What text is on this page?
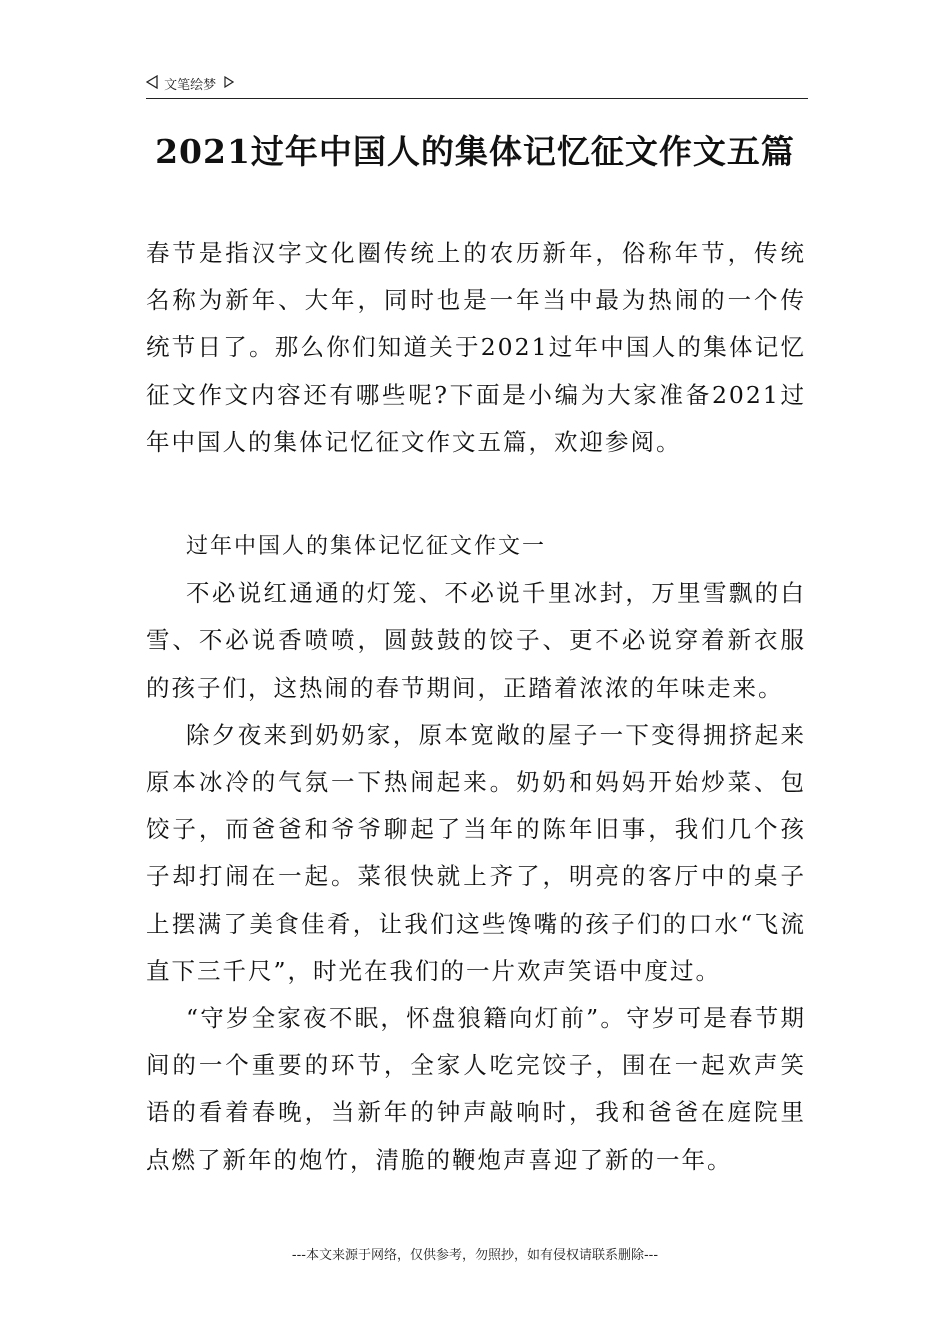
文笔绘梦
2021过年中国人的集体记忆征文作文五篇

春节是指汉字文化圈传统上的农历新年，俗称年节，传统名称为新年、大年，同时也是一年当中最为热闹的一个传统节日了。那么你们知道关于2021过年中国人的集体记忆征文作文内容还有哪些呢?下面是小编为大家准备2021过年中国人的集体记忆征文作文五篇，欢迎参阅。

过年中国人的集体记忆征文作文一

不必说红通通的灯笼、不必说千里冰封，万里雪飘的白雪、不必说香喷喷，圆鼓鼓的饺子、更不必说穿着新衣服的孩子们，这热闹的春节期间，正踏着浓浓的年味走来。

除夕夜来到奶奶家，原本宽敞的屋子一下变得拥挤起来原本冰冷的气氛一下热闹起来。奶奶和妈妈开始炒菜、包饺子，而爸爸和爷爷聊起了当年的陈年旧事，我们几个孩子却打闹在一起。菜很快就上齐了，明亮的客厅中的桌子上摆满了美食佳肴，让我们这些馋嘴的孩子们的口水“飞流直下三千尺”，时光在我们的一片欢声笑语中度过。

“守岁全家夜不眠，怀盘狼籍向灯前”。守岁可是春节期间的一个重要的环节，全家人吃完饺子，围在一起欢声笑语的看着春晚，当新年的钟声敲响时，我和爸爸在庭院里点燃了新年的炮竹，清脆的鞭炮声喜迎了新的一年。

---本文来源于网络，仅供参考，勿照抄，如有侵权请联系删除---
